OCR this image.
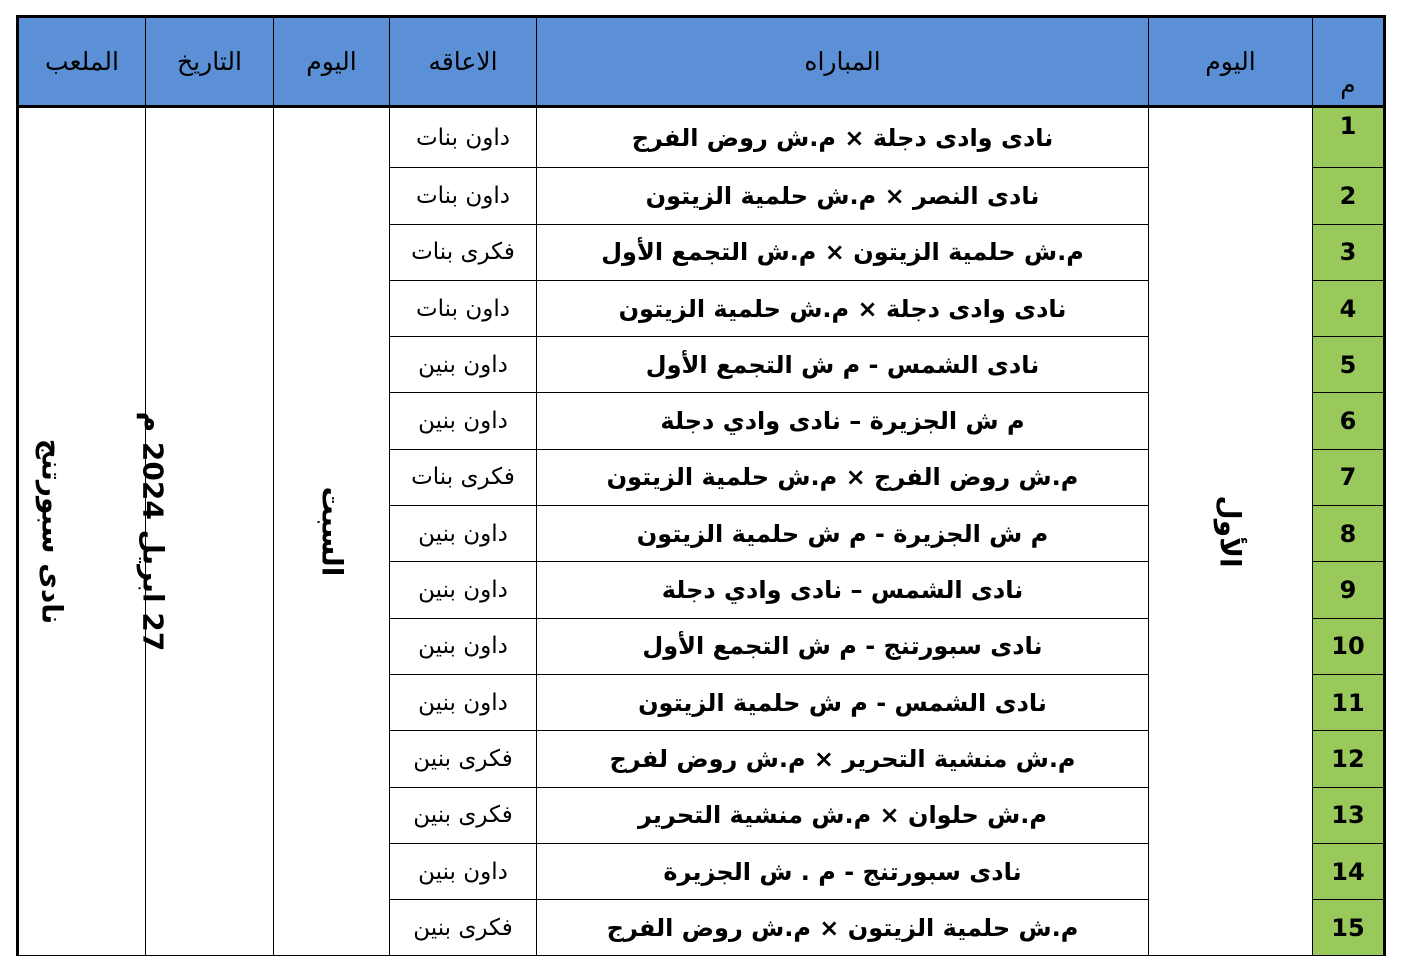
م	اليوم	المباراه	الاعاقه	اليوم	التاريخ	الملعب
1	الأول	نادى وادى دجلة × م.ش روض الفرج	داون بنات	السبت	27 ابريل 2024 م	نادى سبورتنج
2		نادى النصر × م.ش حلمية الزيتون	داون بنات			
3		م.ش حلمية الزيتون × م.ش التجمع الأول	فكرى بنات			
4		نادى وادى دجلة × م.ش حلمية الزيتون	داون بنات			
5		نادى الشمس - م ش التجمع الأول	داون بنين			
6		م ش الجزيرة – نادى وادي دجلة	داون بنين			
7		م.ش روض الفرج × م.ش حلمية الزيتون	فكرى بنات			
8		م ش الجزيرة - م ش حلمية الزيتون	داون بنين			
9		نادى الشمس – نادى وادي دجلة	داون بنين			
10		نادى سبورتنج - م ش التجمع الأول	داون بنين			
11		نادى الشمس - م ش حلمية الزيتون	داون بنين			
12		م.ش منشية التحرير × م.ش روض لفرج	فكرى بنين			
13		م.ش حلوان × م.ش منشية التحرير	فكرى بنين			
14		نادى سبورتنج - م . ش الجزيرة	داون بنين			
15		م.ش حلمية الزيتون × م.ش روض الفرج	فكرى بنين			
